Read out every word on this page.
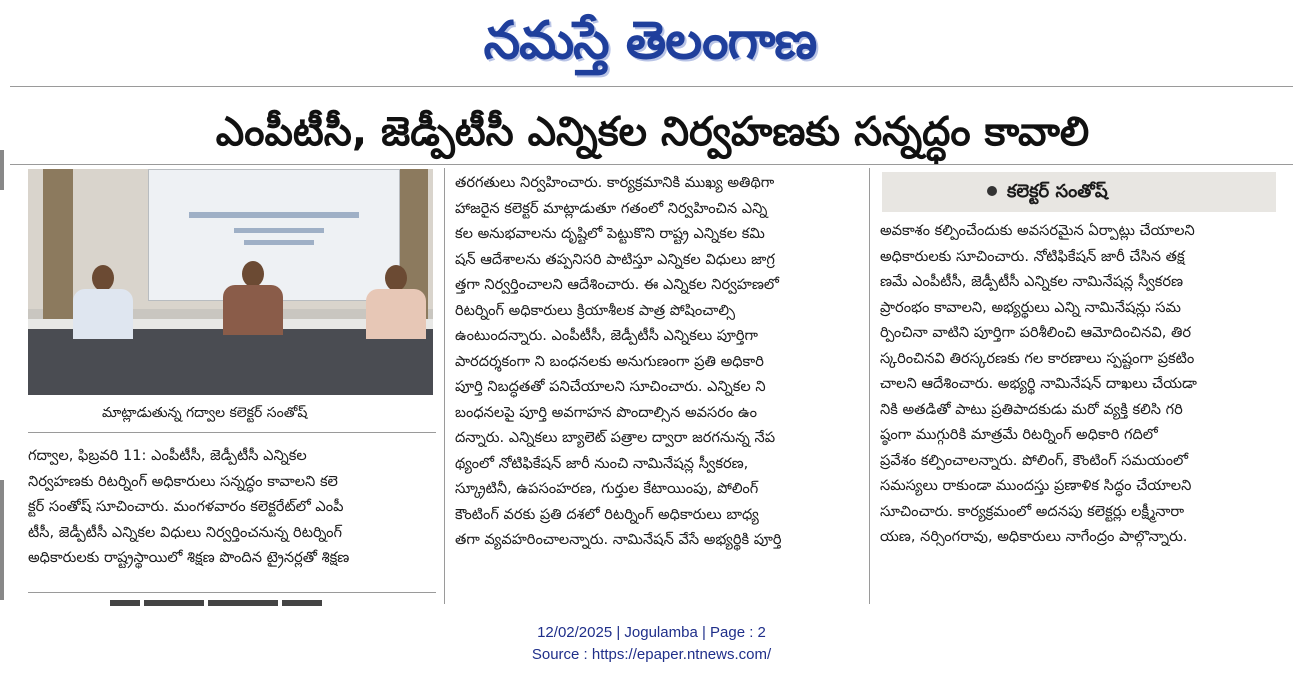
నమస్తే తెలంగాణ
ఎంపీటీసీ, జెడ్పీటీసీ ఎన్నికల నిర్వహణకు సన్నద్ధం కావాలి
మాట్లాడుతున్న గద్వాల కలెక్టర్ సంతోష్

గద్వాల, ఫిబ్రవరి 11: ఎంపీటీసీ, జెడ్పీటీసీ ఎన్నికల

నిర్వహణకు రిటర్నింగ్ అధికారులు సన్నద్ధం కావాలని కలె

క్టర్ సంతోష్ సూచించారు. మంగళవారం కలెక్టరేట్‌లో ఎంపీ

టీసీ, జెడ్పీటీసీ ఎన్నికల విధులు నిర్వర్తించనున్న రిటర్నింగ్

అధికారులకు రాష్ట్రస్థాయిలో శిక్షణ పొందిన ట్రైనర్లతో శిక్షణ

తరగతులు నిర్వహించారు. కార్యక్రమానికి ముఖ్య అతిథిగా

హాజరైన కలెక్టర్ మాట్లాడుతూ గతంలో నిర్వహించిన ఎన్ని

కల అనుభవాలను దృష్టిలో పెట్టుకొని రాష్ట్ర ఎన్నికల కమి

షన్ ఆదేశాలను తప్పనిసరి పాటిస్తూ ఎన్నికల విధులు జాగ్ర

త్తగా నిర్వర్తించాలని ఆదేశించారు. ఈ ఎన్నికల నిర్వహణలో

రిటర్నింగ్ అధికారులు క్రియాశీలక పాత్ర పోషించాల్సి

ఉంటుందన్నారు. ఎంపీటీసీ, జెడ్పీటీసీ ఎన్నికలు పూర్తిగా

పారదర్శకంగా ని బంధనలకు అనుగుణంగా ప్రతి అధికారి

పూర్తి నిబద్ధతతో పనిచేయాలని సూచించారు. ఎన్నికల ని

బంధనలపై పూర్తి అవగాహన పొందాల్సిన అవసరం ఉం

దన్నారు. ఎన్నికలు బ్యాలెట్ పత్రాల ద్వారా జరగనున్న నేప

థ్యంలో నోటిఫికేషన్ జారీ నుంచి నామినేషన్ల స్వీకరణ,

స్క్రూటినీ, ఉపసంహరణ, గుర్తుల కేటాయింపు, పోలింగ్

కౌంటింగ్ వరకు ప్రతి దశలో రిటర్నింగ్ అధికారులు బాధ్య

తగా వ్యవహరించాలన్నారు. నామినేషన్ వేసే అభ్యర్థికి పూర్తి

కలెక్టర్ సంతోష్

అవకాశం కల్పించేందుకు అవసరమైన ఏర్పాట్లు చేయాలని

అధికారులకు సూచించారు. నోటిఫికేషన్ జారీ చేసిన తక్ష

ణమే ఎంపీటీసీ, జెడ్పీటీసీ ఎన్నికల నామినేషన్ల స్వీకరణ

ప్రారంభం కావాలని, అభ్యర్థులు ఎన్ని నామినేషన్లు సమ

ర్పించినా వాటిని పూర్తిగా పరిశీలించి ఆమోదించినవి, తిర

స్కరించినవి తిరస్కరణకు గల కారణాలు స్పష్టంగా ప్రకటిం

చాలని ఆదేశించారు. అభ్యర్థి నామినేషన్ దాఖలు చేయడా

నికి అతడితో పాటు ప్రతిపాదకుడు మరో వ్యక్తి కలిసి గరి

ష్ఠంగా ముగ్గురికి మాత్రమే రిటర్నింగ్ అధికారి గదిలో

ప్రవేశం కల్పించాలన్నారు. పోలింగ్, కౌంటింగ్ సమయంలో

సమస్యలు రాకుండా ముందస్తు ప్రణాళిక సిద్ధం చేయాలని

సూచించారు. కార్యక్రమంలో అదనపు కలెక్టర్లు లక్ష్మీనారా

యణ, నర్సింగరావు, అధికారులు నాగేంద్రం పాల్గొన్నారు.

12/02/2025 | Jogulamba | Page : 2
Source : https://epaper.ntnews.com/
